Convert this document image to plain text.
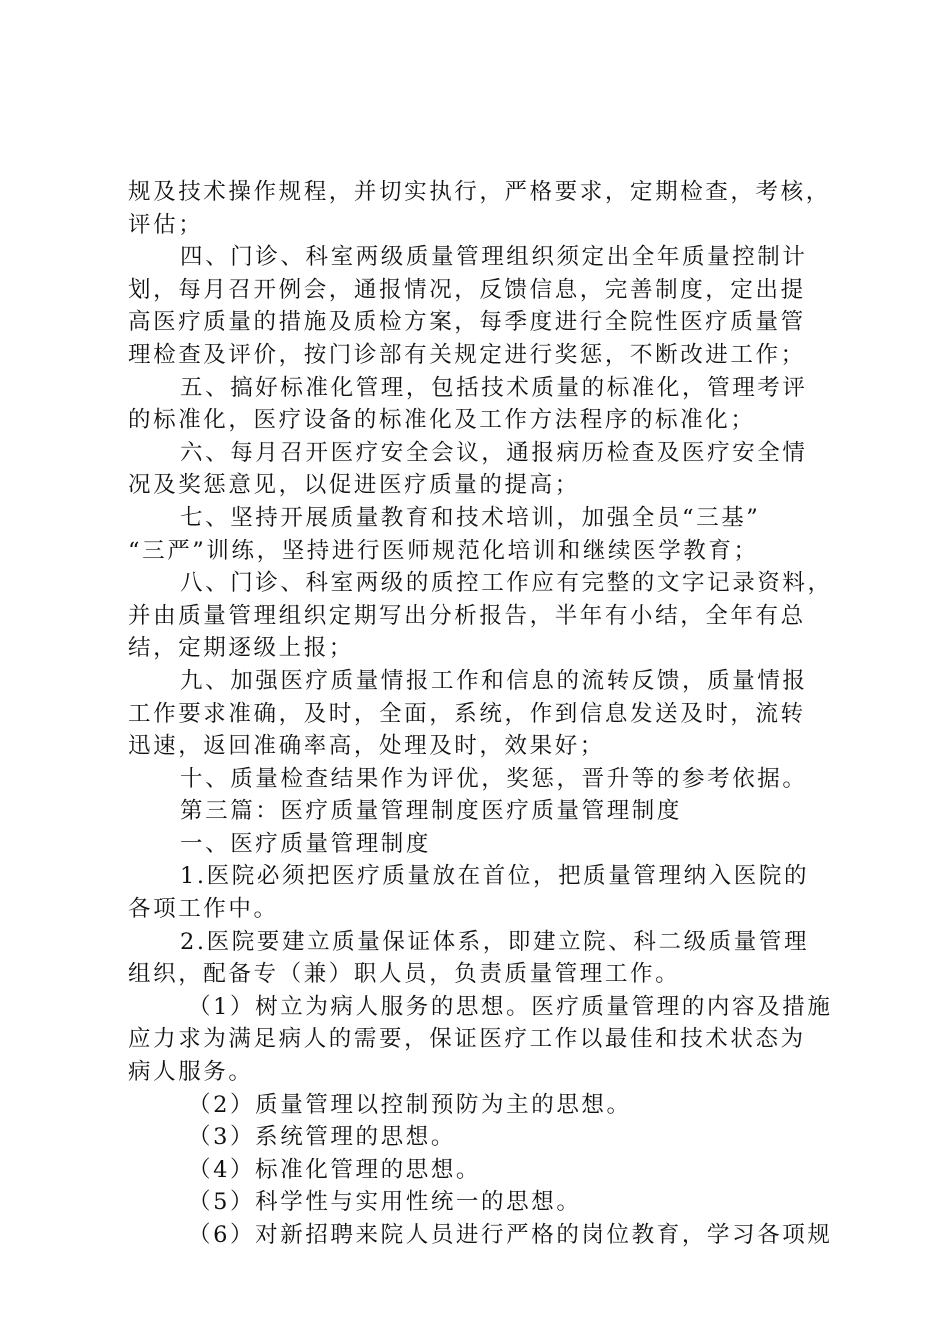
规及技术操作规程，并切实执行，严格要求，定期检查，考核，
评估；
四、门诊、科室两级质量管理组织须定出全年质量控制计
划，每月召开例会，通报情况，反馈信息，完善制度，定出提
高医疗质量的措施及质检方案，每季度进行全院性医疗质量管
理检查及评价，按门诊部有关规定进行奖惩，不断改进工作；
五、搞好标准化管理，包括技术质量的标准化，管理考评
的标准化，医疗设备的标准化及工作方法程序的标准化；
六、每月召开医疗安全会议，通报病历检查及医疗安全情
况及奖惩意见，以促进医疗质量的提高；
七、坚持开展质量教育和技术培训，加强全员“三基”
“三严”训练，坚持进行医师规范化培训和继续医学教育；
八、门诊、科室两级的质控工作应有完整的文字记录资料，
并由质量管理组织定期写出分析报告，半年有小结，全年有总
结，定期逐级上报；
九、加强医疗质量情报工作和信息的流转反馈，质量情报
工作要求准确，及时，全面，系统，作到信息发送及时，流转
迅速，返回准确率高，处理及时，效果好；
十、质量检查结果作为评优，奖惩，晋升等的参考依据。
第三篇：医疗质量管理制度医疗质量管理制度
一、医疗质量管理制度
1.医院必须把医疗质量放在首位，把质量管理纳入医院的
各项工作中。
2.医院要建立质量保证体系，即建立院、科二级质量管理
组织，配备专（兼）职人员，负责质量管理工作。
（1）树立为病人服务的思想。医疗质量管理的内容及措施
应力求为满足病人的需要，保证医疗工作以最佳和技术状态为
病人服务。
（2）质量管理以控制预防为主的思想。
（3）系统管理的思想。
（4）标准化管理的思想。
（5）科学性与实用性统一的思想。
（6）对新招聘来院人员进行严格的岗位教育，学习各项规
